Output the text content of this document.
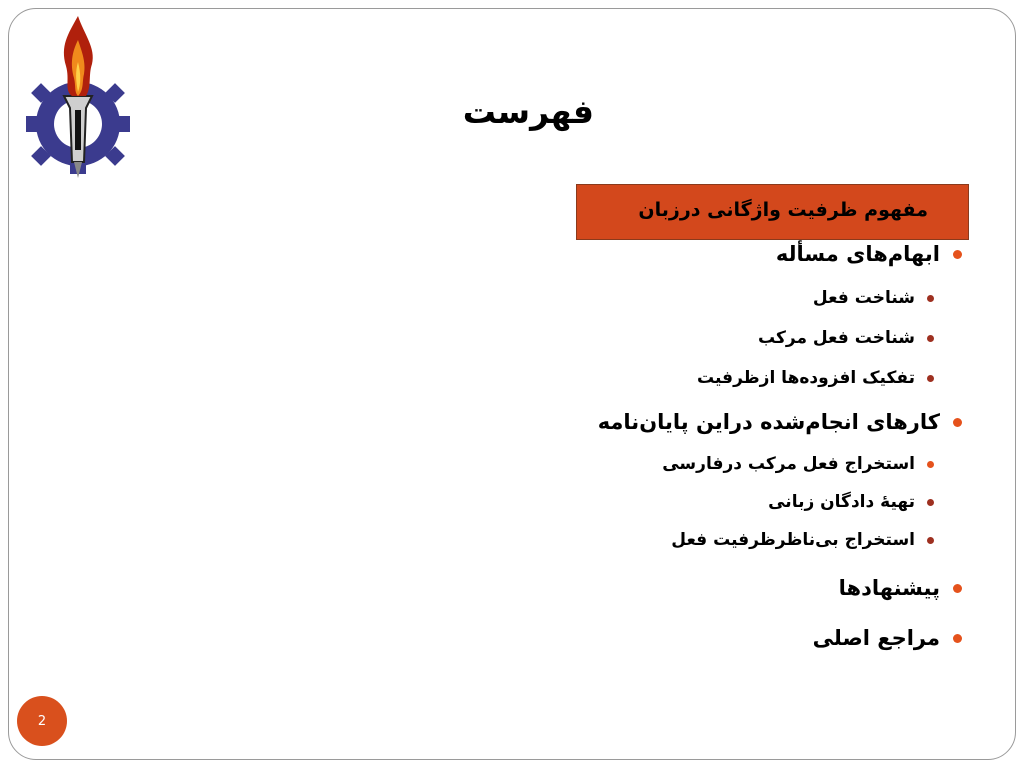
فهرست
مفهوم ظرفیت واژگانی درزبان
ابهام‌های مسأله
شناخت فعل
شناخت فعل مرکب
تفکیک افزوده‌ها ازظرفیت
کارهای انجام‌شده دراین پایان‌نامه
استخراج فعل مرکب درفارسی
تهیهٔ دادگان زبانی
استخراج بی‌ناظرظرفیت فعل
پیشنهادها
مراجع اصلی
2
